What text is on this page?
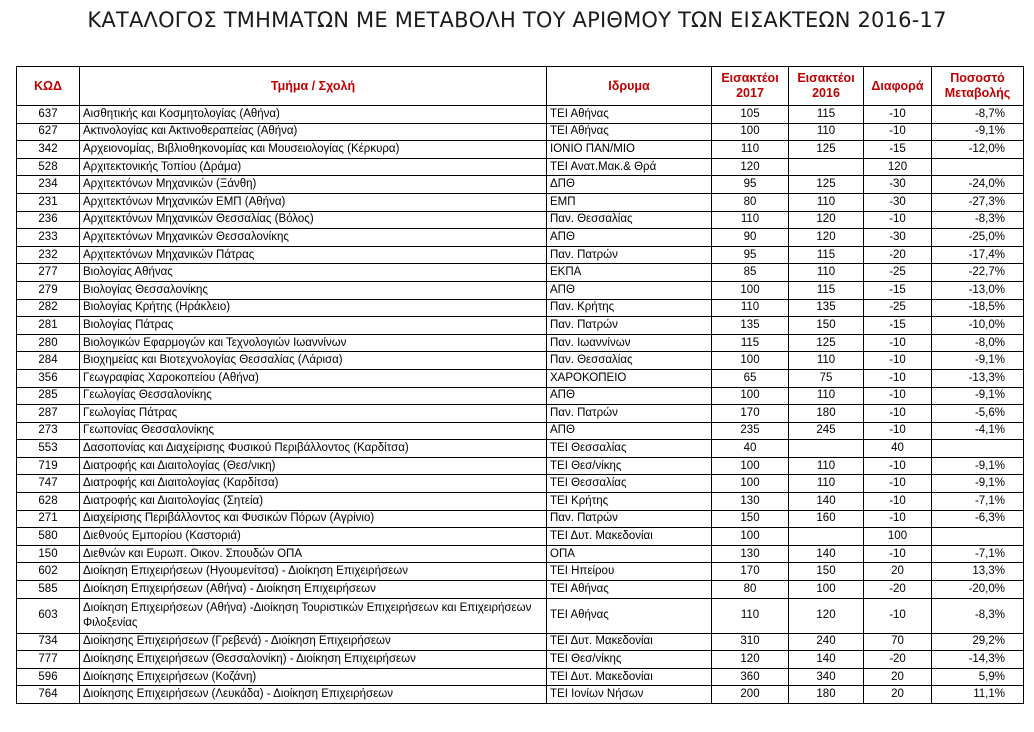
ΚΑΤΑΛΟΓΟΣ ΤΜΗΜΑΤΩΝ ΜΕ ΜΕΤΑΒΟΛΗ ΤΟΥ ΑΡΙΘΜΟΥ ΤΩΝ ΕΙΣΑΚΤΕΩΝ 2016-17
ΚΩΔ	Τμήμα / Σχολή	Ιδρυμα	Εισακτέοι 2017	Εισακτέοι 2016	Διαφορά	Ποσοστό Μεταβολής
637	Αισθητικής και Κοσμητολογίας (Αθήνα)	ΤΕΙ Αθήνας	105	115	-10	-8,7%
627	Ακτινολογίας και Ακτινοθεραπείας (Αθήνα)	ΤΕΙ Αθήνας	100	110	-10	-9,1%
342	Αρχειονομίας, Βιβλιοθηκονομίας και Μουσειολογίας (Κέρκυρα)	ΙΟΝΙΟ ΠΑΝ/ΜΙΟ	110	125	-15	-12,0%
528	Αρχιτεκτονικής Τοπίου (Δράμα)	ΤΕΙ Ανατ.Μακ.& Θρά	120		120	
234	Αρχιτεκτόνων Μηχανικών (Ξάνθη)	ΔΠΘ	95	125	-30	-24,0%
231	Αρχιτεκτόνων Μηχανικών ΕΜΠ (Αθήνα)	ΕΜΠ	80	110	-30	-27,3%
236	Αρχιτεκτόνων Μηχανικών Θεσσαλίας (Βόλος)	Παν. Θεσσαλίας	110	120	-10	-8,3%
233	Αρχιτεκτόνων Μηχανικών Θεσσαλονίκης	ΑΠΘ	90	120	-30	-25,0%
232	Αρχιτεκτόνων Μηχανικών Πάτρας	Παν. Πατρών	95	115	-20	-17,4%
277	Βιολογίας Αθήνας	ΕΚΠΑ	85	110	-25	-22,7%
279	Βιολογίας Θεσσαλονίκης	ΑΠΘ	100	115	-15	-13,0%
282	Βιολογίας Κρήτης (Ηράκλειο)	Παν. Κρήτης	110	135	-25	-18,5%
281	Βιολογίας Πάτρας	Παν. Πατρών	135	150	-15	-10,0%
280	Βιολογικών Εφαρμογών και Τεχνολογιών Ιωαννίνων	Παν. Ιωαννίνων	115	125	-10	-8,0%
284	Βιοχημείας και Βιοτεχνολογίας Θεσσαλίας (Λάρισα)	Παν. Θεσσαλίας	100	110	-10	-9,1%
356	Γεωγραφίας Χαροκοπείου (Αθήνα)	ΧΑΡΟΚΟΠΕΙΟ	65	75	-10	-13,3%
285	Γεωλογίας Θεσσαλονίκης	ΑΠΘ	100	110	-10	-9,1%
287	Γεωλογίας Πάτρας	Παν. Πατρών	170	180	-10	-5,6%
273	Γεωπονίας Θεσσαλονίκης	ΑΠΘ	235	245	-10	-4,1%
553	Δασοπονίας και Διαχείρισης Φυσικού Περιβάλλοντος (Καρδίτσα)	ΤΕΙ Θεσσαλίας	40		40	
719	Διατροφής και Διαιτολογίας (Θεσ/νικη)	ΤΕΙ Θεσ/νίκης	100	110	-10	-9,1%
747	Διατροφής και Διαιτολογίας (Καρδίτσα)	ΤΕΙ Θεσσαλίας	100	110	-10	-9,1%
628	Διατροφής και Διαιτολογίας (Σητεία)	ΤΕΙ Κρήτης	130	140	-10	-7,1%
271	Διαχείρισης Περιβάλλοντος και Φυσικών Πόρων (Αγρίνιο)	Παν. Πατρών	150	160	-10	-6,3%
580	Διεθνούς Εμπορίου (Καστοριά)	ΤΕΙ Δυτ. Μακεδονίαι	100		100	
150	Διεθνών και Ευρωπ. Οικον. Σπουδών ΟΠΑ	ΟΠΑ	130	140	-10	-7,1%
602	Διοίκηση Επιχειρήσεων (Ηγουμενίτσα) - Διοίκηση Επιχειρήσεων	ΤΕΙ Ηπείρου	170	150	20	13,3%
585	Διοίκηση Επιχειρήσεων (Αθήνα) - Διοίκηση Επιχειρήσεων	ΤΕΙ Αθήνας	80	100	-20	-20,0%
603	Διοίκηση Επιχειρήσεων (Αθήνα) -Διοίκηση Τουριστικών Επιχειρήσεων και Επιχειρήσεων Φιλοξενίας	ΤΕΙ Αθήνας	110	120	-10	-8,3%
734	Διοίκησης Επιχειρήσεων (Γρεβενά) - Διοίκηση Επιχειρήσεων	ΤΕΙ Δυτ. Μακεδονίαι	310	240	70	29,2%
777	Διοίκησης Επιχειρήσεων (Θεσσαλονίκη) - Διοίκηση Επιχειρήσεων	ΤΕΙ Θεσ/νίκης	120	140	-20	-14,3%
596	Διοίκησης Επιχειρήσεων (Κοζάνη)	ΤΕΙ Δυτ. Μακεδονίαι	360	340	20	5,9%
764	Διοίκησης Επιχειρήσεων (Λευκάδα) - Διοίκηση Επιχειρήσεων	ΤΕΙ Ιονίων Νήσων	200	180	20	11,1%
